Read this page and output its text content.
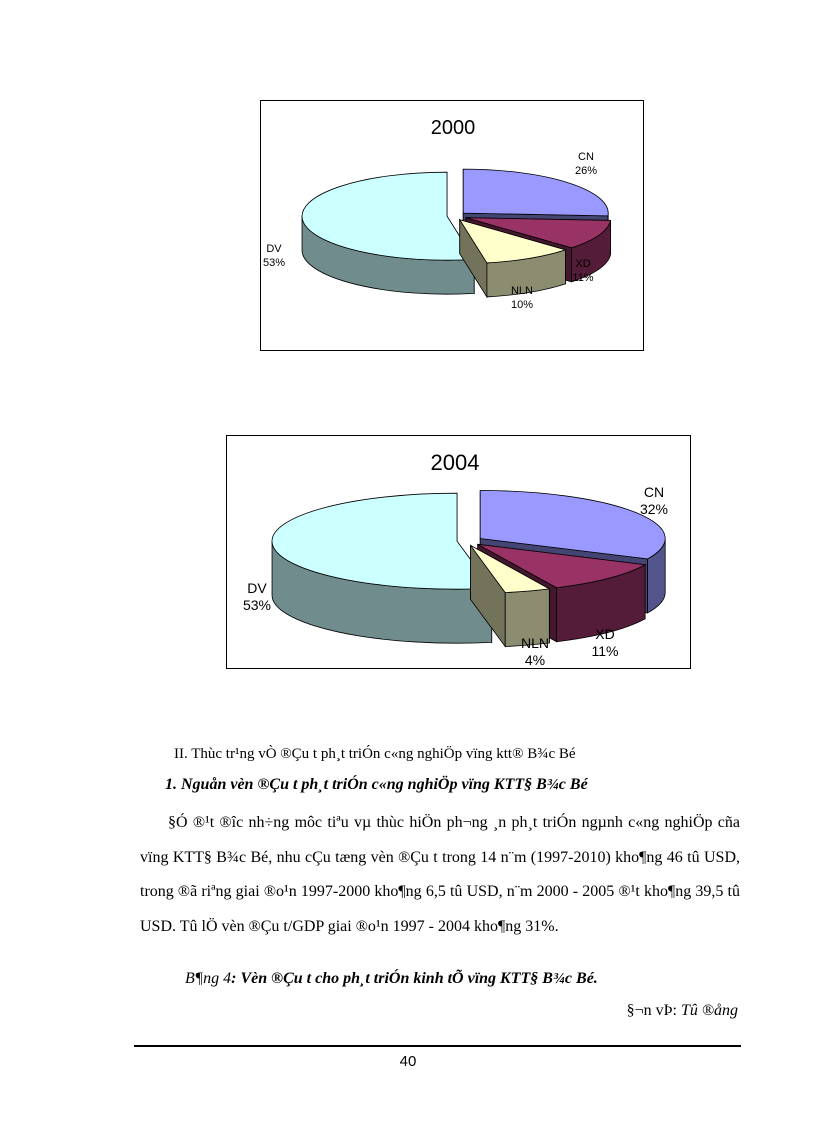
2000
CN
26%
XD
11%
NLN
10%
DV
53%
2004
CN
32%
XD
11%
NLN
4%
DV
53%
II. Thùc tr¹ng vÒ ®Çu t ph¸t triÓn c«ng nghiÖp vïng ktt® B¾c Bé
1. Nguån vèn ®Çu t ph¸t triÓn c«ng nghiÖp vïng KTT§ B¾c Bé

§Ó ®¹t ®îc nh÷ng môc tiªu vµ thùc hiÖn ph¬ng ¸n ph¸t triÓn ngµnh c«ng nghiÖp cña vïng KTT§ B¾c Bé, nhu cÇu tæng vèn ®Çu t trong 14 n¨m (1997-2010) kho¶ng 46 tû USD, trong ®ã riªng giai ®o¹n 1997-2000 kho¶ng 6,5 tû USD, n¨m 2000 - 2005 ®¹t kho¶ng 39,5 tû USD. Tû lÖ vèn ®Çu t/GDP giai ®o¹n 1997 - 2004 kho¶ng 31%.

B¶ng 4: Vèn ®Çu t cho ph¸t triÓn kinh tÕ vïng KTT§ B¾c Bé.
§¬n vÞ: Tû ®ång
40
